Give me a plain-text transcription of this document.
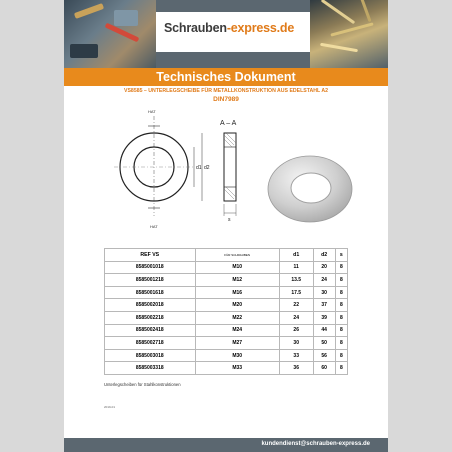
Schrauben-express.de
Technisches Dokument
VS8585 – UNTERLEGSCHEIBE FÜR METALLKONSTRUKTION AUS EDELSTAHL A2
DIN7989
HAT
HAT
d1 d2
A – A
s
REF VS	FÜR SCHRAUBEN	d1	d2	s
8585001018	M10	11	20	8
8585001218	M12	13.5	24	8
8585001618	M16	17.5	30	8
8585002018	M20	22	37	8
8585002218	M22	24	39	8
8585002418	M24	26	44	8
8585002718	M27	30	50	8
8585003018	M30	33	56	8
8585003318	M33	36	60	8
Unterlegscheiben für Stahlkonstruktionen
2019-01
kundendienst@schrauben-express.de
